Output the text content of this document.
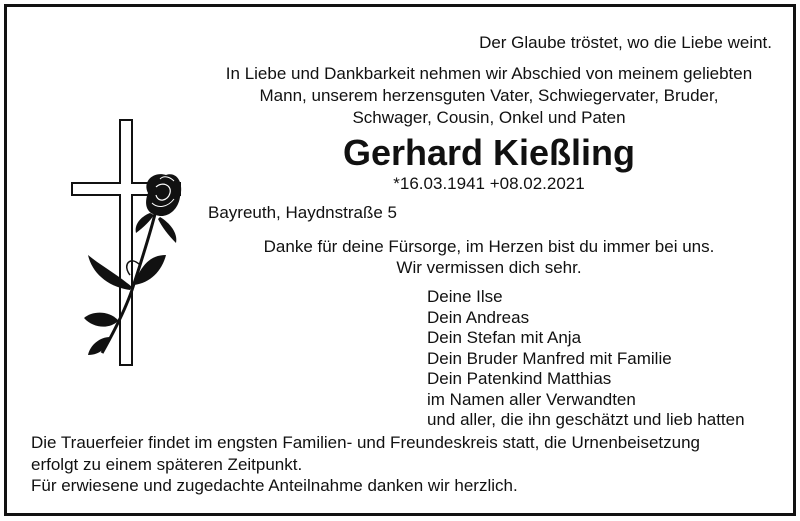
Der Glaube tröstet, wo die Liebe weint.
In Liebe und Dankbarkeit nehmen wir Abschied von meinem geliebten
Mann, unserem herzensguten Vater, Schwiegervater, Bruder,
Schwager, Cousin, Onkel und Paten
Gerhard Kießling
*16.03.1941 +08.02.2021
Bayreuth, Haydnstraße 5
Danke für deine Fürsorge, im Herzen bist du immer bei uns.
Wir vermissen dich sehr.
Deine Ilse
Dein Andreas
Dein Stefan mit Anja
Dein Bruder Manfred mit Familie
Dein Patenkind Matthias
im Namen aller Verwandten
und aller, die ihn geschätzt und lieb hatten
Die Trauerfeier findet im engsten Familien- und Freundeskreis statt, die Urnenbeisetzung
erfolgt zu einem späteren Zeitpunkt.
Für erwiesene und zugedachte Anteilnahme danken wir herzlich.
